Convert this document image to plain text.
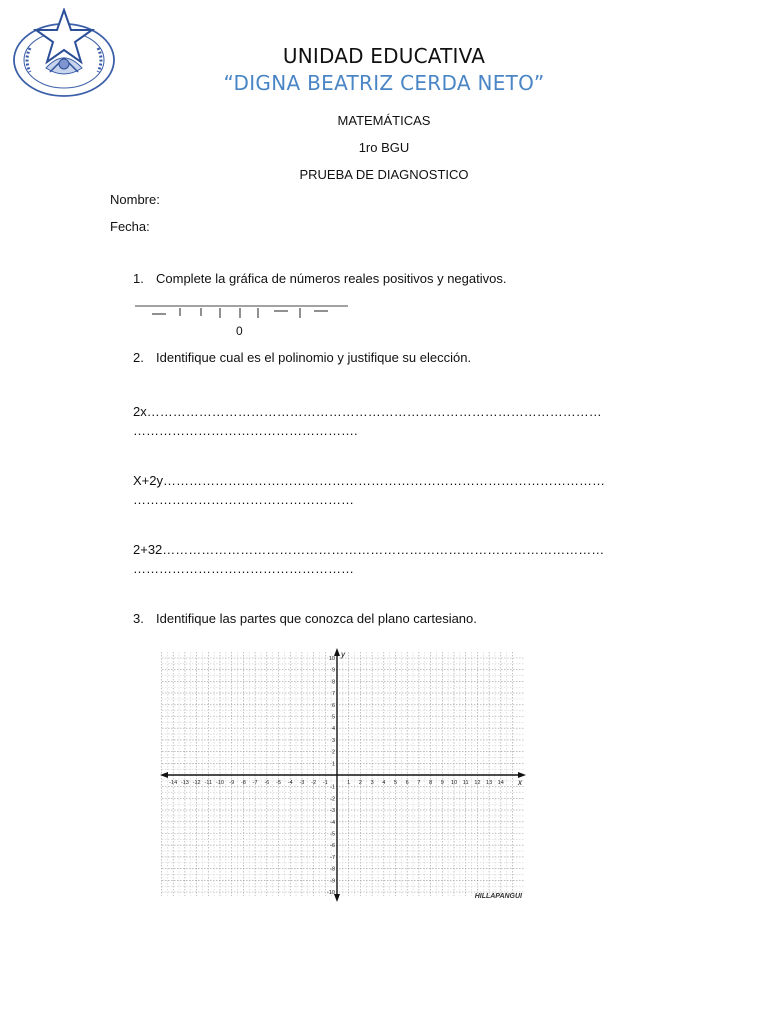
UNIDAD EDUCATIVA
“DIGNA BEATRIZ CERDA NETO”
MATEMÁTICAS
1ro BGU
PRUEBA DE DIAGNOSTICO
Nombre:
Fecha:
1. Complete la gráfica de números reales positivos y negativos.
0
2. Identifique cual es el polinomio y justifique su elección.
2x……………………………………………………………………………………………
…………………………………………….
X+2y…………………………………………………………………………………………
……………………………………………
2+32…………………………………………………………………………………………
……………………………………………
3. Identifique las partes que conozca del plano cartesiano.
x
y
-14 -13 -12 -11 -10 -9 -8 -7 -6 -5 -4 -3 -2 -1	1 2 3 4 5 6 7 8 9 10 11 12 13 14
10
9
8
7
6
5
4
3
2
1
-1
-2
-3
-4
-5
-6
-7
-8
-9
-10	HILLAPANGUI
